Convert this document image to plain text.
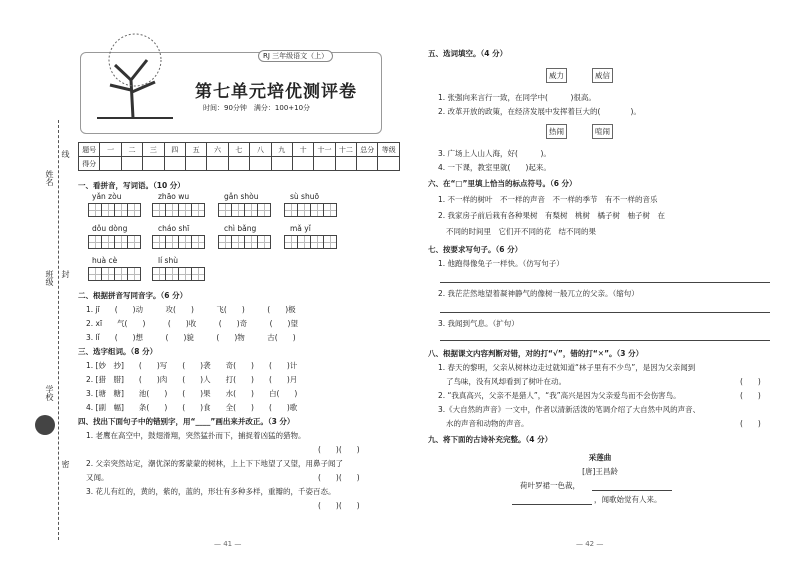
姓名
线
班级 封
学校
密
RJ 三年级语文（上）
第七单元培优测评卷
时间：90分钟　满分：100+10分
题号	一	二	三	四	五	六	七	八	九	十	十一	十二	总分	等级
得分														
一、看拼音，写词语。（10 分）
yǎn zòu	zhāo wu	gǎn shòu	sù shuō
dǒu dòng	cháo shī	chì bǎng	mǎ yǐ
huà cè	lí shù
二、根据拼音写同音字。（6 分）
1. jī　　(　　)动　　　攻(　　)　　　飞(　　)　　　(　　)极
2. xī　　气(　　)　　　(　　)收　　　(　　)奇　　　(　　)望
3. lǐ　　(　　)想　　　(　　)貌　　　(　　)物　　　古(　　)
三、选字组词。（8 分）
1. [妙　抄]　　(　　)写　　(　　)袭　　奇(　　)　　(　　)计
2. [猎　腊]　　(　　)肉　　(　　)人　　打(　　)　　(　　)月
3. [塘　糖]　　池(　　)　　(　　)果　　水(　　)　　白(　　)
4. [副　幅]　　条(　　)　　(　　)食　　全(　　)　　(　　)歌
四、找出下面句子中的错别字，用“____”画出来并改正。（3 分）
1. 老鹰在高空中，鼓翅滑翔，突然猛扑而下，捕捉着凶猛的猎物。
(　　)(　　)
2. 父亲突然站定，潮优深的雾蒙蒙的树林，上上下下地望了又望，用鼻子闻了
又闻。	(　　)(　　)
3. 花儿有红的，黄的，紫的，蓝的，形壮有多种多样，重瓣的，千姿百态。
(　　)(　　)
— 41 —
五、选词填空。（4 分）
威力	威信
1. 张强向来言行一致，在同学中(　　　)很高。
2. 改革开放的政策，在经济发展中发挥着巨大的(　　　　)。
热闹	喧闹
3. 广场上人山人海，好(　　　)。
4. 一下课，教室里就(　　)起来。
六、在“□”里填上恰当的标点符号。（6 分）
1. 不一样的树叶　不一样的声音　不一样的季节　有不一样的音乐
2. 我家房子前后栽有各种果树　有梨树　桃树　橘子树　柚子树　在
不同的时间里　它们开不同的花　结不同的果
七、按要求写句子。（6 分）
1. 他跑得像兔子一样快。（仿写句子）
2. 我茫茫然地望着凝神静气的像树一般兀立的父亲。（缩句）
3. 我闻到气息。（扩句）
八、根据课文内容判断对错，对的打“√”，错的打“✕”。（3 分）
1. 春天的黎明，父亲从树林边走过就知道“林子里有不少鸟”，是因为父亲闻到
了鸟味，没有风却看到了树叶在动。	(　　)
2. “我真高兴，父亲不是猎人”，“我”高兴是因为父亲爱鸟而不会伤害鸟。	(　　)
3.《大自然的声音》一文中，作者以清新活泼的笔调介绍了大自然中风的声音、
水的声音和动物的声音。	(　　)
九、将下面的古诗补充完整。（4 分）
采莲曲
[唐]王昌龄
荷叶罗裙一色裁，
，闻歌始觉有人来。
— 42 —
